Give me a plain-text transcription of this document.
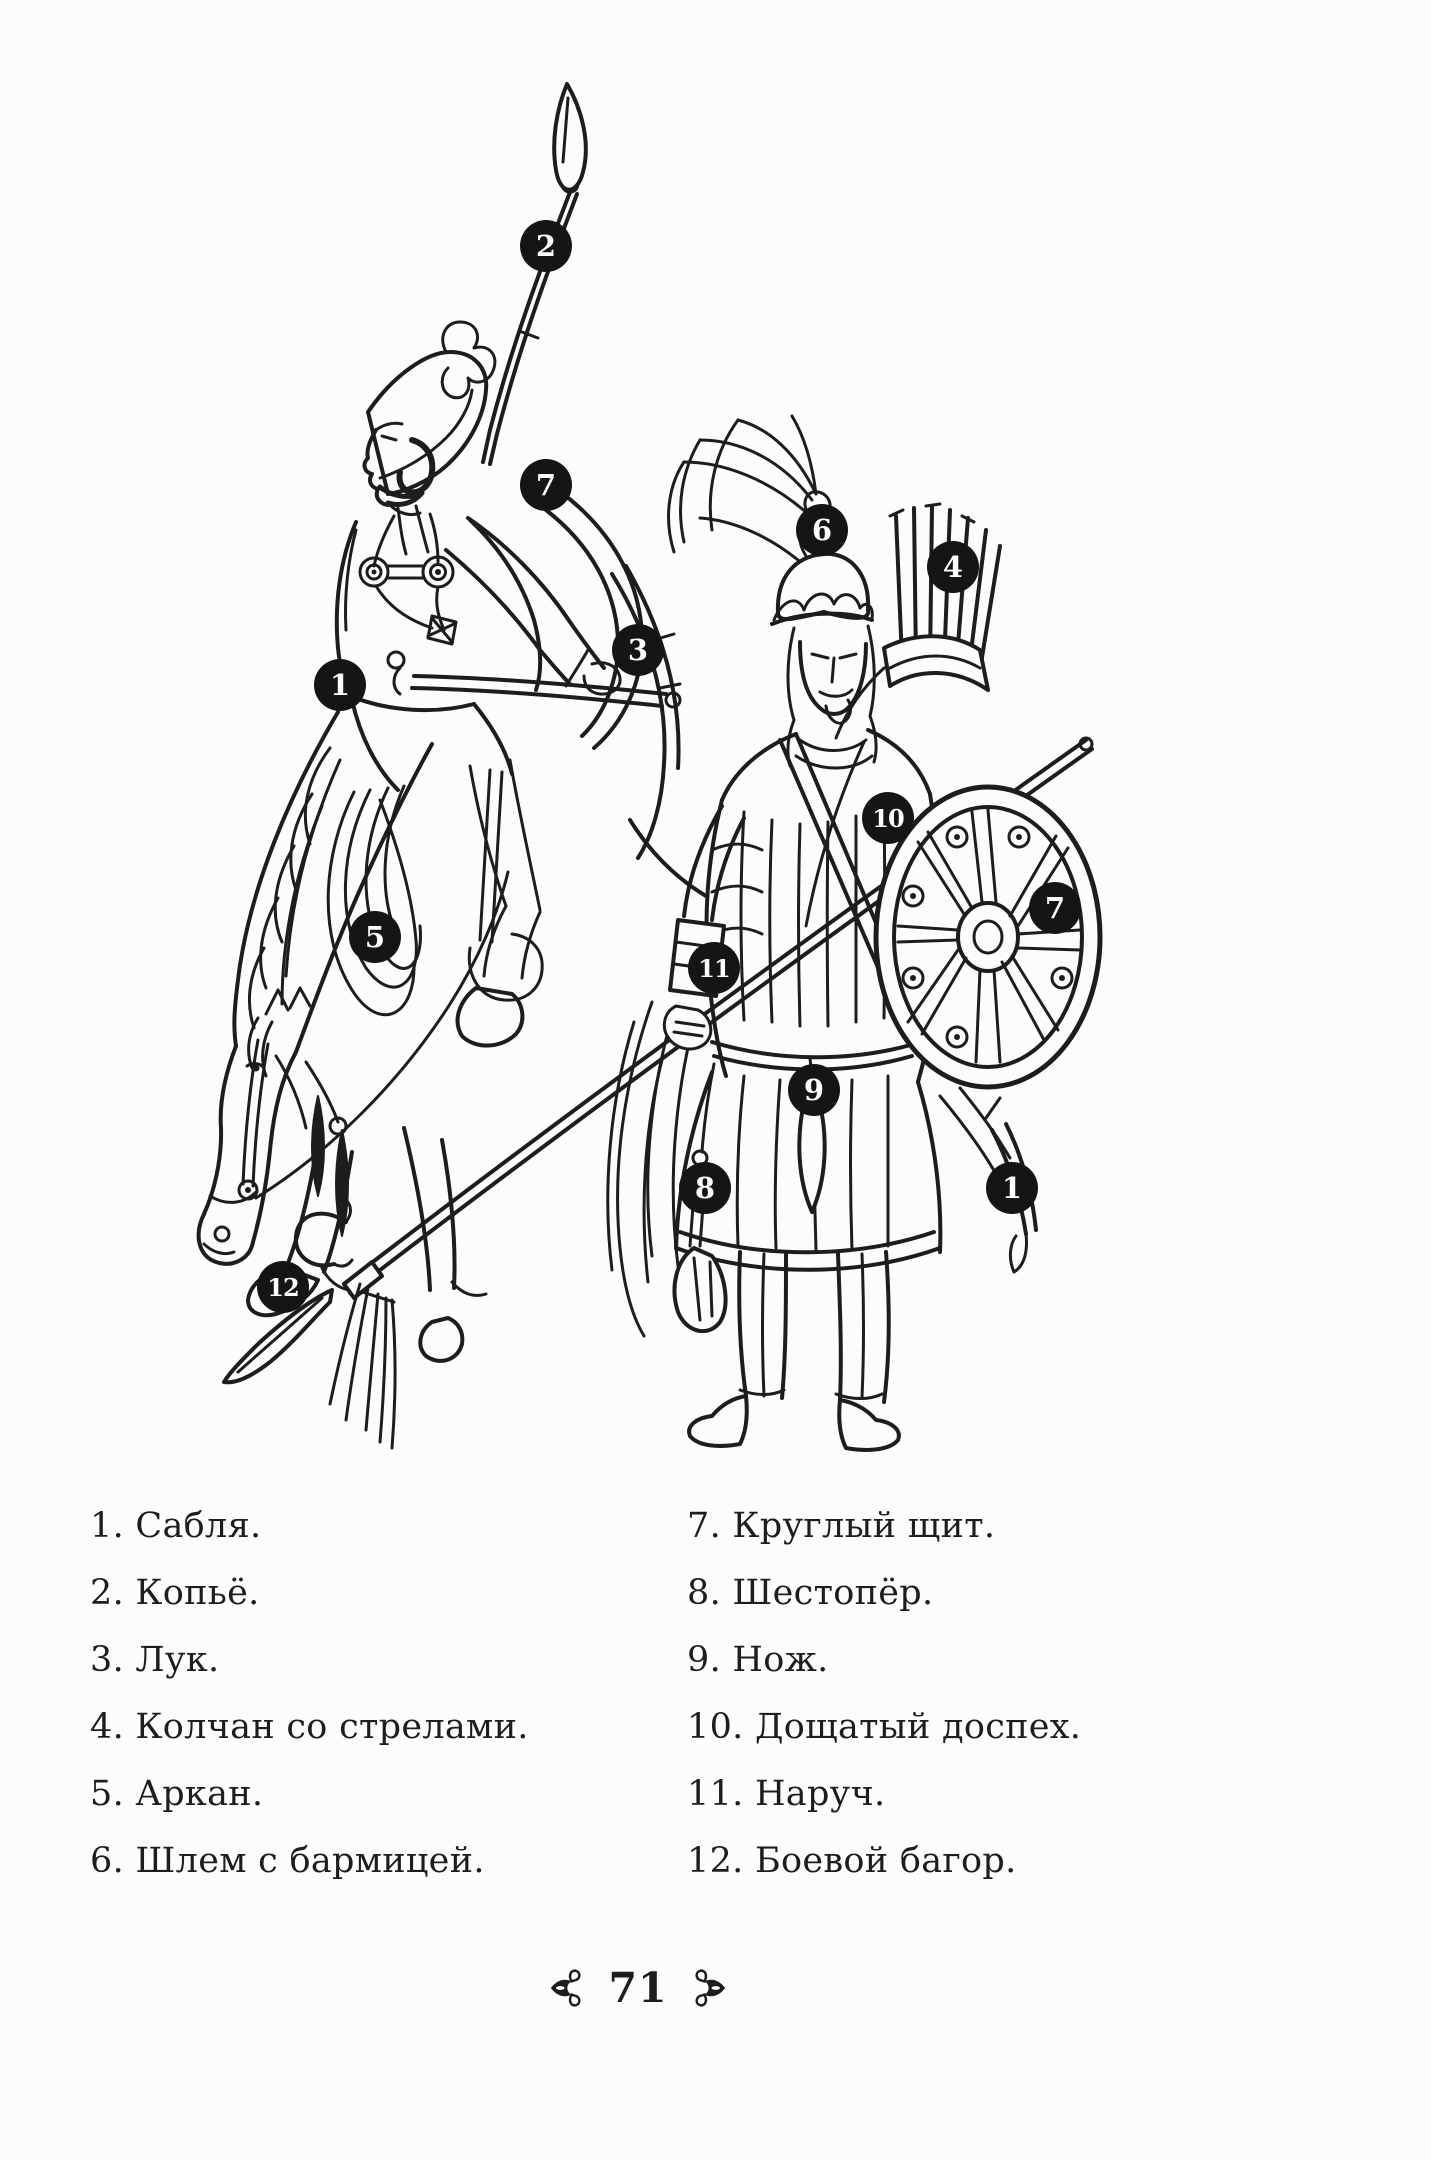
1
2
3
4
5
6
7
7
8
9
10
11
12
1
1. Сабля.
2. Копьё.
3. Лук.
4. Колчан со стрелами.
5. Аркан.
6. Шлем с бармицей.
7. Круглый щит.
8. Шестопёр.
9. Нож.
10. Дощатый доспех.
11. Наруч.
12. Боевой багор.
71
